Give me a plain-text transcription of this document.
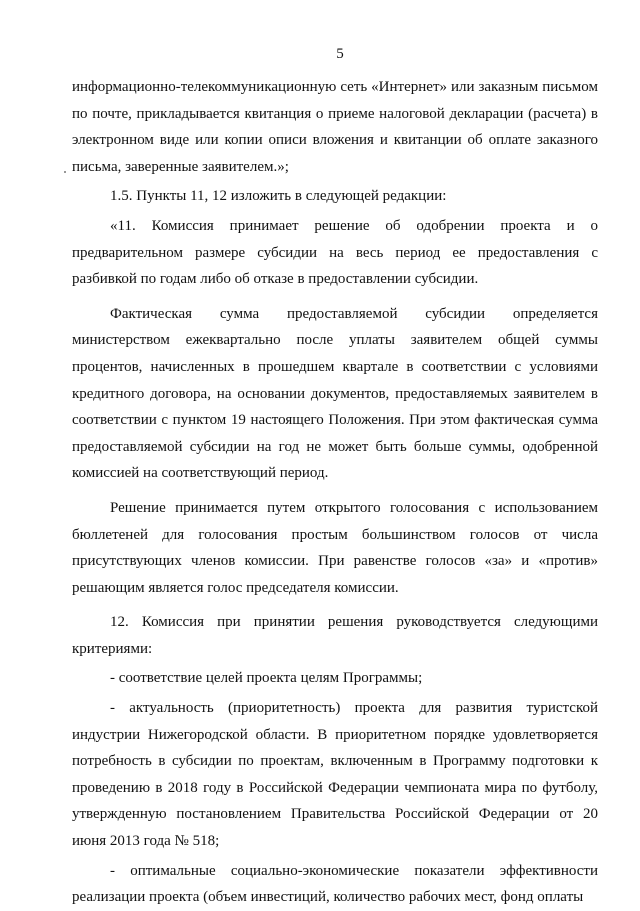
5

информационно-телекоммуникационную сеть «Интернет» или заказным письмом по почте, прикладывается квитанция о приеме налоговой декларации (расчета) в электронном виде или копии описи вложения и квитанции об оплате заказного письма, заверенные заявителем.»;

1.5. Пункты 11, 12 изложить в следующей редакции:

«11. Комиссия принимает решение об одобрении проекта и о предварительном размере субсидии на весь период ее предоставления с разбивкой по годам либо об отказе в предоставлении субсидии.

Фактическая сумма предоставляемой субсидии определяется министерством ежеквартально после уплаты заявителем общей суммы процентов, начисленных в прошедшем квартале в соответствии с условиями кредитного договора, на основании документов, предоставляемых заявителем в соответствии с пунктом 19 настоящего Положения. При этом фактическая сумма предоставляемой субсидии на год не может быть больше суммы, одобренной комиссией на соответствующий период.

Решение принимается путем открытого голосования с использованием бюллетеней для голосования простым большинством голосов от числа присутствующих членов комиссии. При равенстве голосов «за» и «против» решающим является голос председателя комиссии.

12. Комиссия при принятии решения руководствуется следующими критериями:

- соответствие целей проекта целям Программы;

- актуальность (приоритетность) проекта для развития туристской индустрии Нижегородской области. В приоритетном порядке удовлетворяется потребность в субсидии по проектам, включенным в Программу подготовки к проведению в 2018 году в Российской Федерации чемпионата мира по футболу, утвержденную постановлением Правительства Российской Федерации от 20 июня 2013 года № 518;

- оптимальные социально-экономические показатели эффективности реализации проекта (объем инвестиций, количество рабочих мест, фонд оплаты
